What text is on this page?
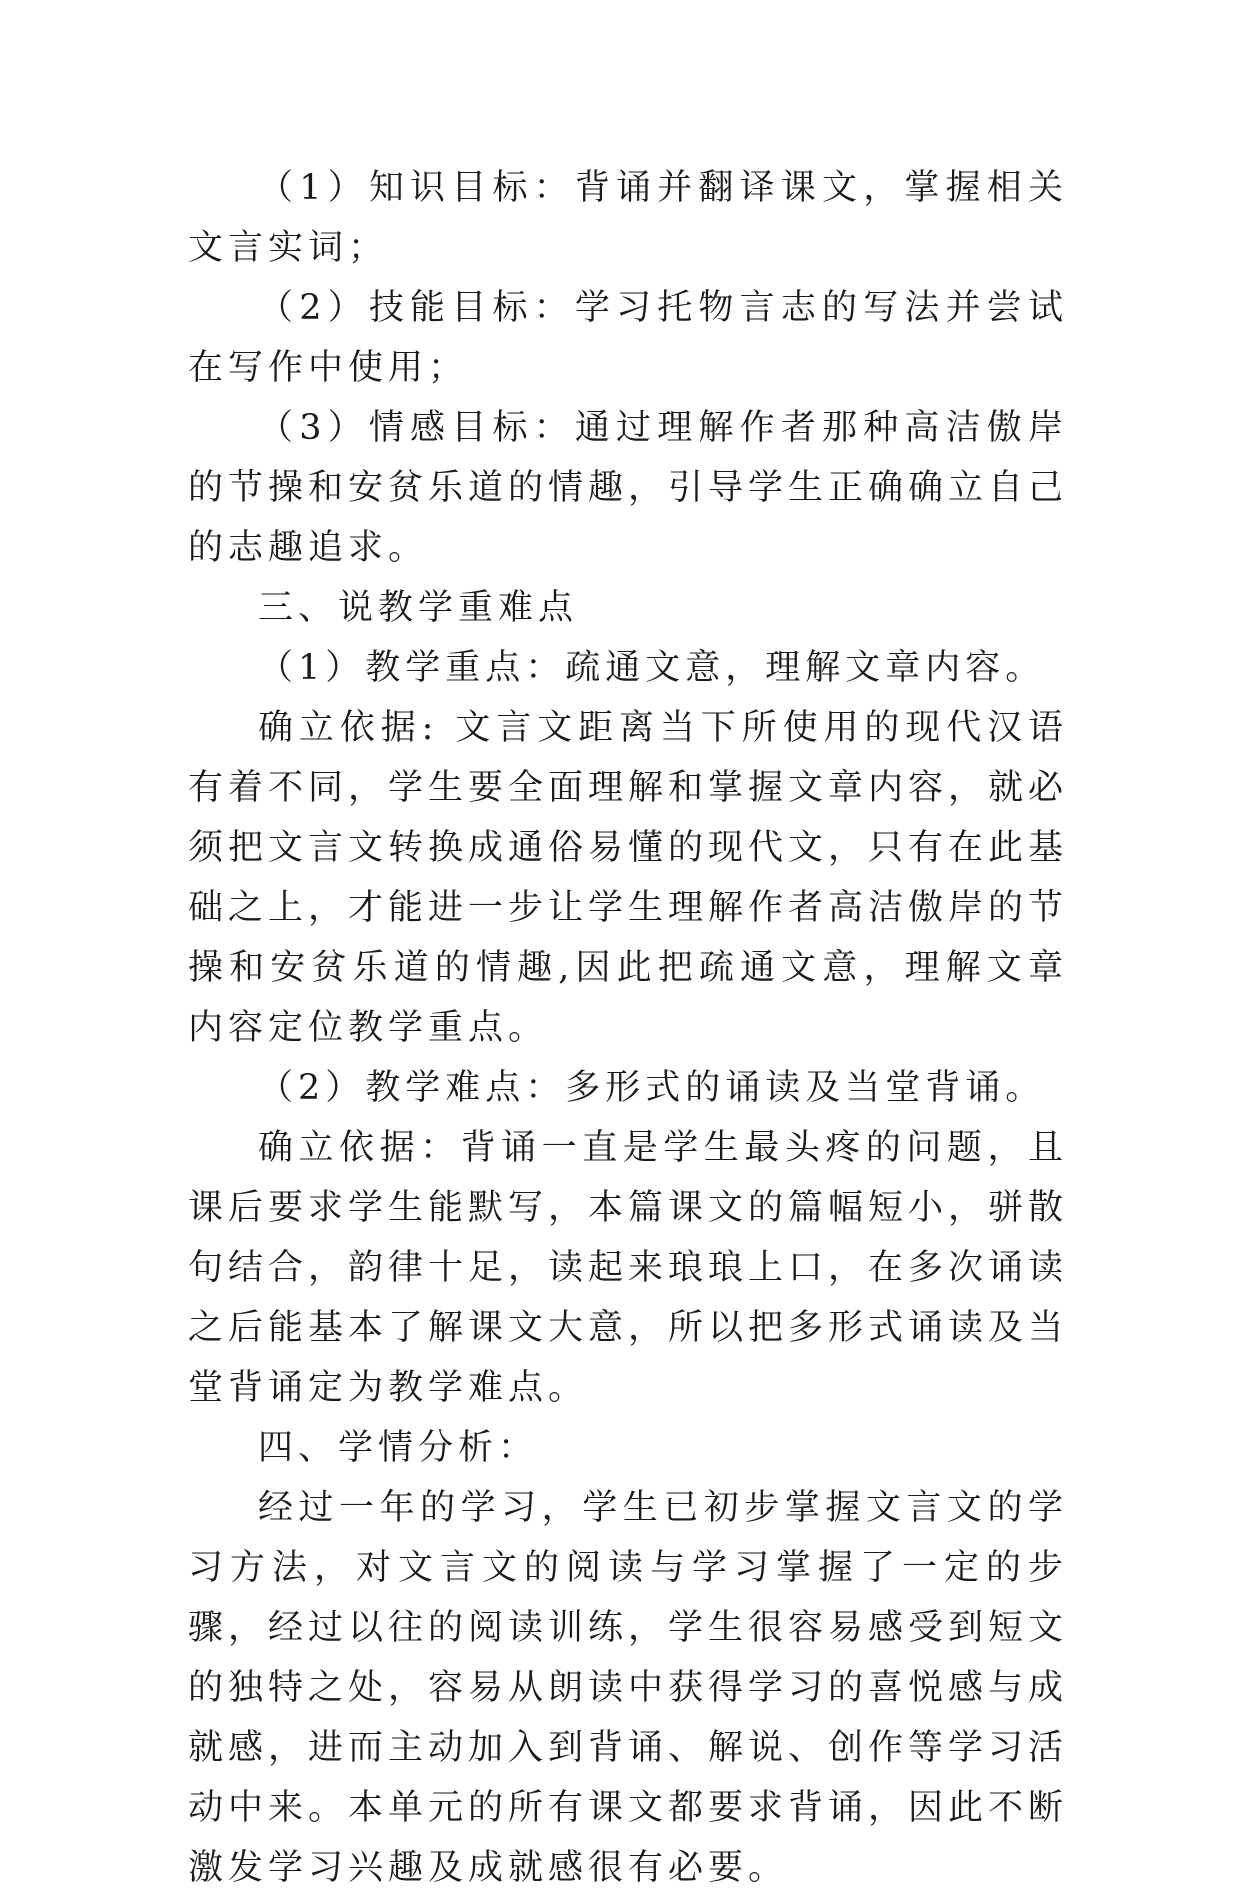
（1）知识目标：背诵并翻译课文，掌握相关文言实词；

（2）技能目标：学习托物言志的写法并尝试在写作中使用；

（3）情感目标：通过理解作者那种高洁傲岸的节操和安贫乐道的情趣，引导学生正确确立自己的志趣追求。

三、说教学重难点

（1）教学重点：疏通文意，理解文章内容。

确立依据: 文言文距离当下所使用的现代汉语有着不同，学生要全面理解和掌握文章内容，就必须把文言文转换成通俗易懂的现代文，只有在此基础之上，才能进一步让学生理解作者高洁傲岸的节操和安贫乐道的情趣,因此把疏通文意，理解文章内容定位教学重点。

（2）教学难点：多形式的诵读及当堂背诵。

确立依据：背诵一直是学生最头疼的问题，且课后要求学生能默写，本篇课文的篇幅短小，骈散句结合，韵律十足，读起来琅琅上口，在多次诵读之后能基本了解课文大意，所以把多形式诵读及当堂背诵定为教学难点。

四、学情分析：

经过一年的学习，学生已初步掌握文言文的学习方法，对文言文的阅读与学习掌握了一定的步骤，经过以往的阅读训练，学生很容易感受到短文的独特之处，容易从朗读中获得学习的喜悦感与成就感，进而主动加入到背诵、解说、创作等学习活动中来。本单元的所有课文都要求背诵，因此不断激发学习兴趣及成就感很有必要。
